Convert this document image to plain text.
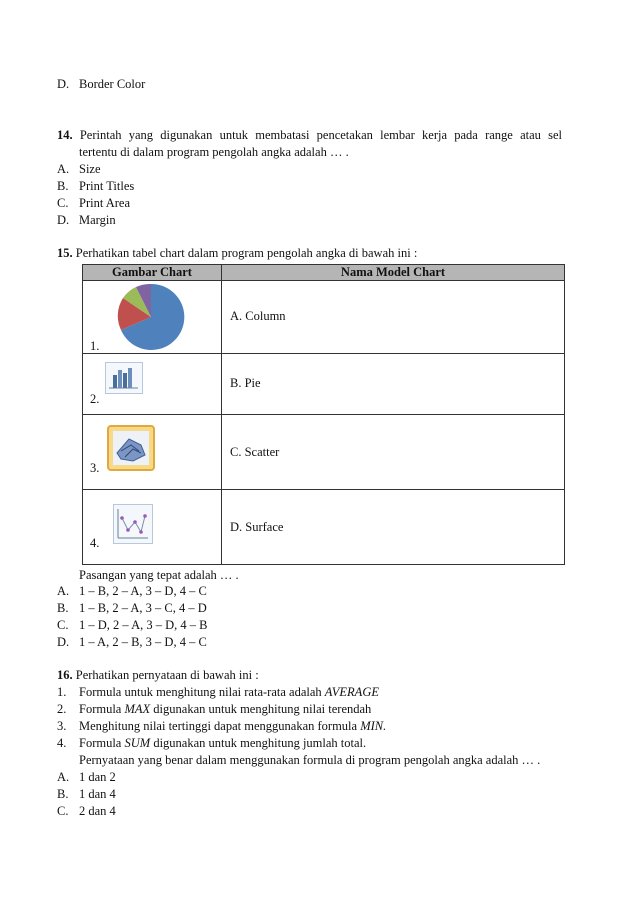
D. Border Color
14. Perintah yang digunakan untuk membatasi pencetakan lembar kerja pada range atau sel
tertentu di dalam program pengolah angka adalah … .
A. Size
B. Print Titles
C. Print Area
D. Margin
15. Perhatikan tabel chart dalam program pengolah angka di bawah ini :
Gambar Chart	Nama Model Chart

1.	A. Column

2.	B. Pie

3.	C. Scatter

4.	D. Surface
Pasangan yang tepat adalah … .
A. 1 – B, 2 – A, 3 – D, 4 – C
B. 1 – B, 2 – A, 3 – C, 4 – D
C. 1 – D, 2 – A, 3 – D, 4 – B
D. 1 – A, 2 – B, 3 – D, 4 – C
16. Perhatikan pernyataan di bawah ini :
1. Formula untuk menghitung nilai rata-rata adalah AVERAGE
2. Formula MAX digunakan untuk menghitung nilai terendah
3. Menghitung nilai tertinggi dapat menggunakan formula MIN.
4. Formula SUM digunakan untuk menghitung jumlah total.
Pernyataan yang benar dalam menggunakan formula di program pengolah angka adalah … .
A. 1 dan 2
B. 1 dan 4
C. 2 dan 4
